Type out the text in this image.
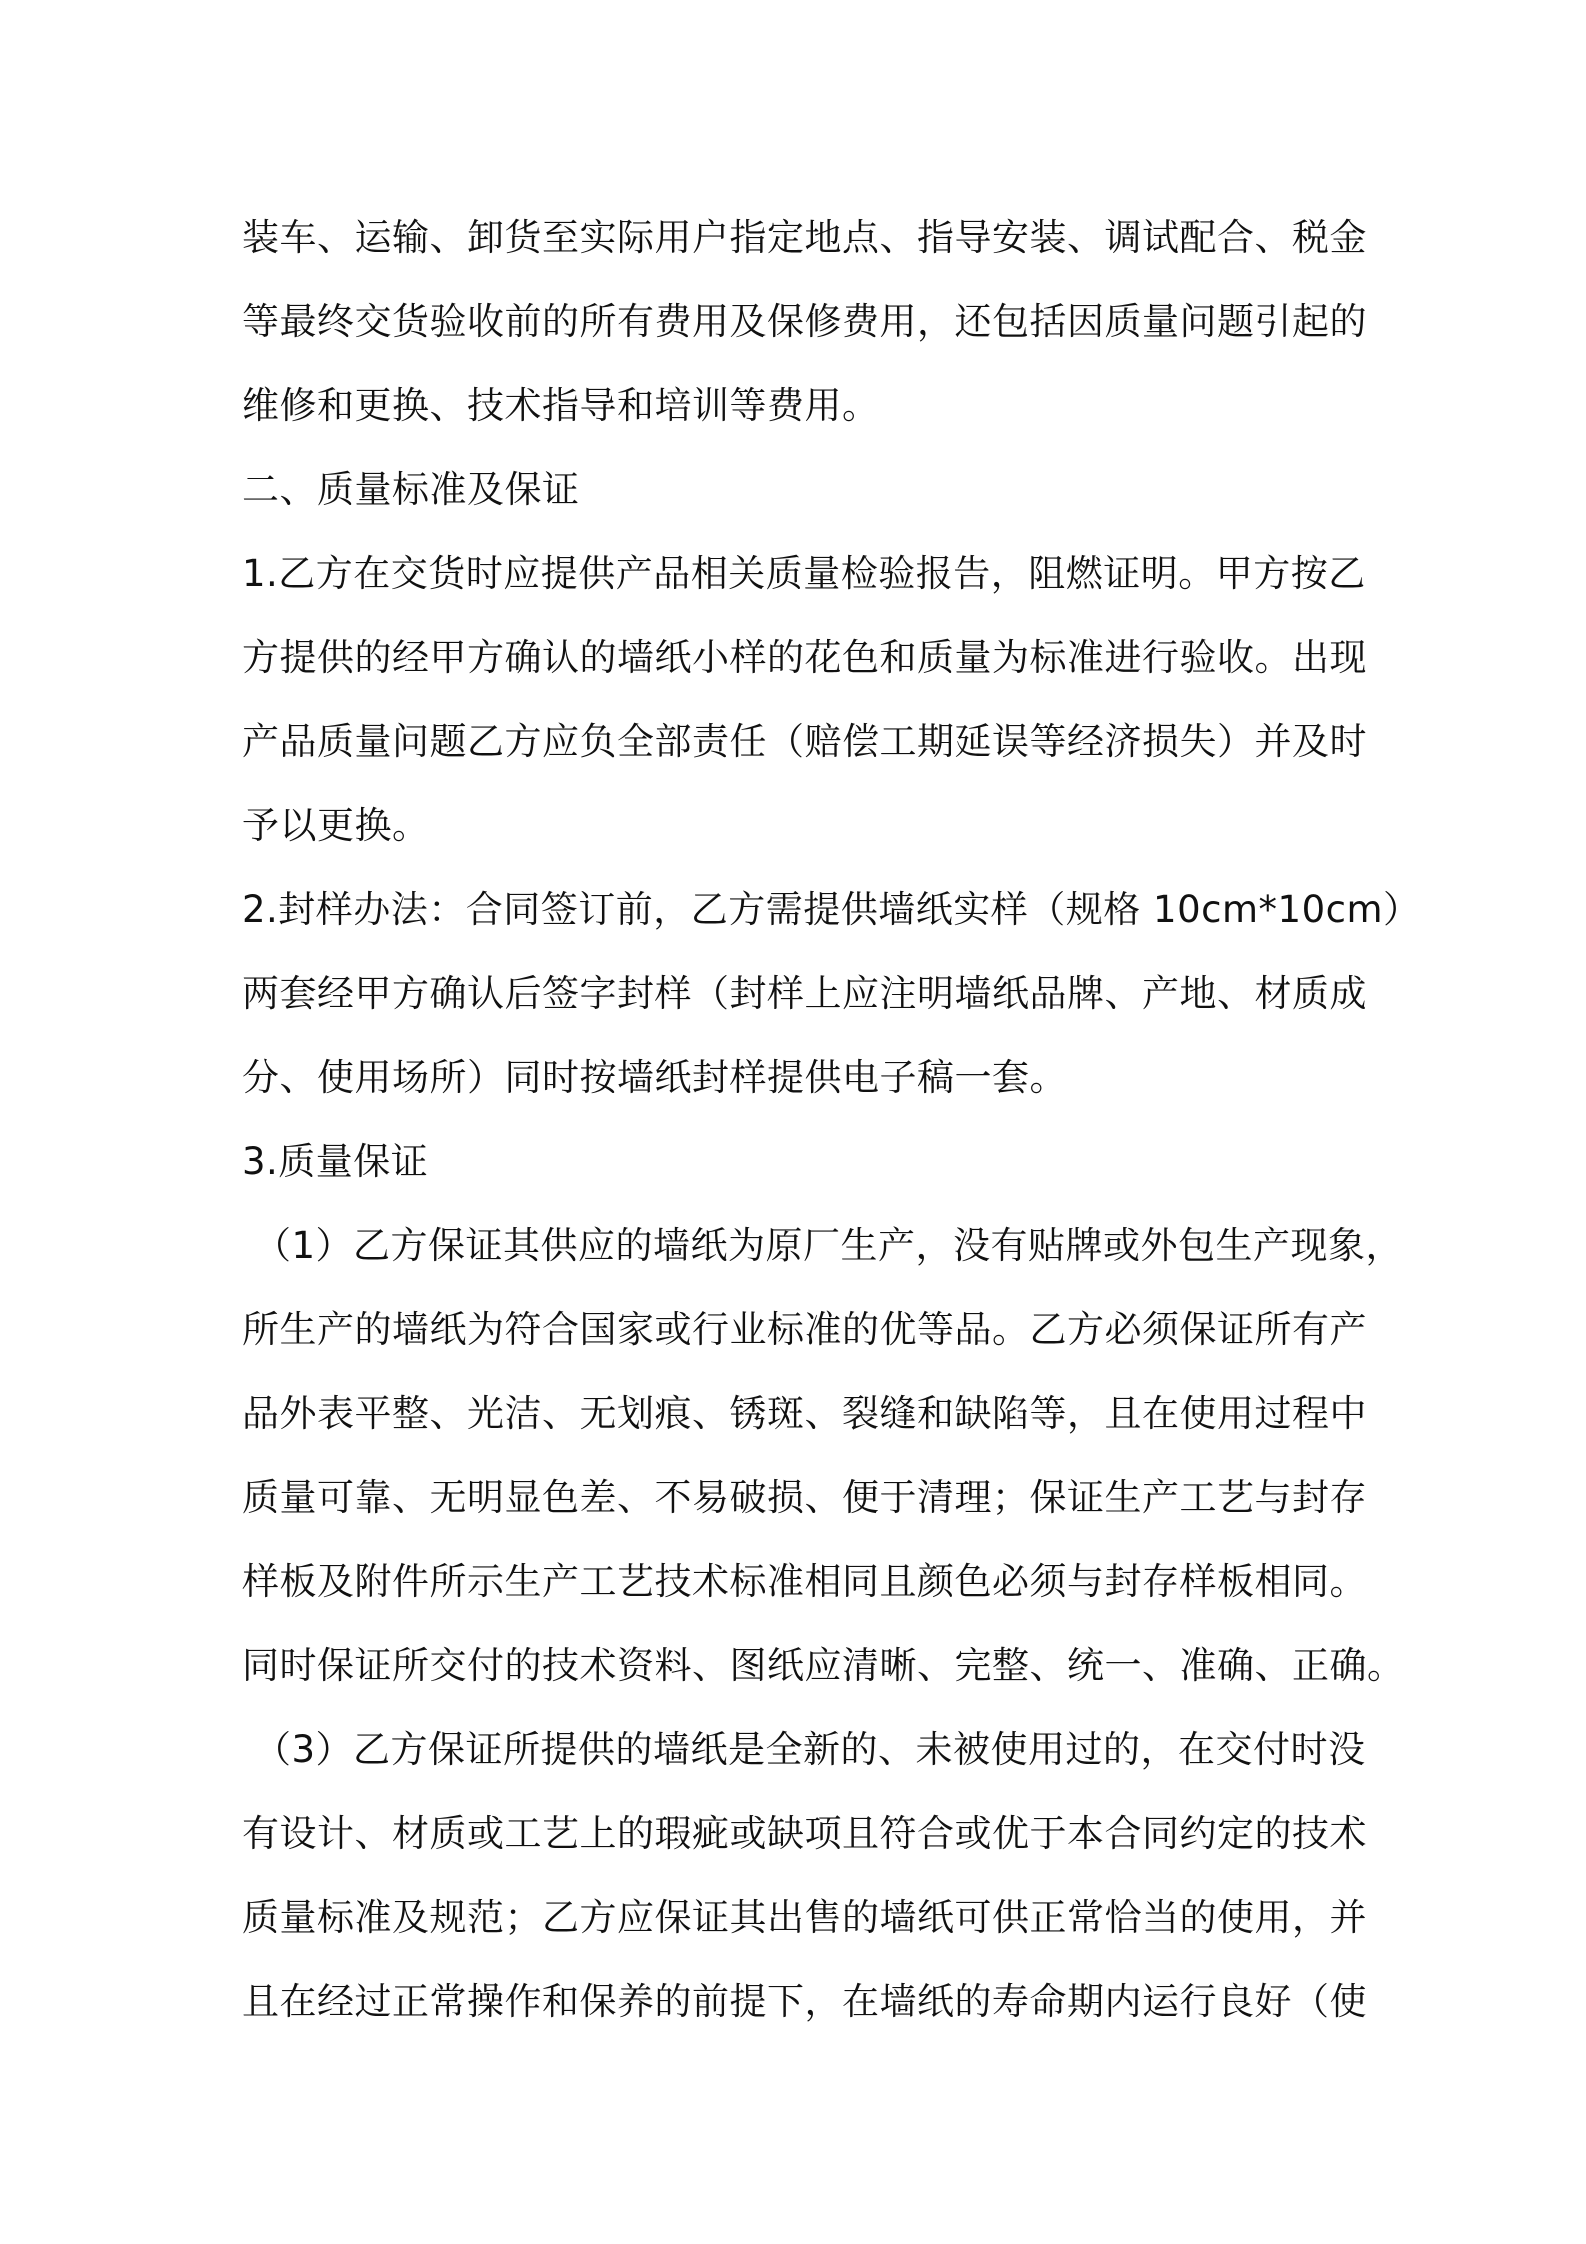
装车、运输、卸货至实际用户指定地点、指导安装、调试配合、税金
等最终交货验收前的所有费用及保修费用，还包括因质量问题引起的
维修和更换、技术指导和培训等费用。
二、质量标准及保证
1.乙方在交货时应提供产品相关质量检验报告，阻燃证明。甲方按乙
方提供的经甲方确认的墙纸小样的花色和质量为标准进行验收。出现
产品质量问题乙方应负全部责任（赔偿工期延误等经济损失）并及时
予以更换。
2.封样办法：合同签订前，乙方需提供墙纸实样（规格 10cm*10cm）
两套经甲方确认后签字封样（封样上应注明墙纸品牌、产地、材质成
分、使用场所）同时按墙纸封样提供电子稿一套。
3.质量保证
（1）乙方保证其供应的墙纸为原厂生产，没有贴牌或外包生产现象，
所生产的墙纸为符合国家或行业标准的优等品。乙方必须保证所有产
品外表平整、光洁、无划痕、锈斑、裂缝和缺陷等，且在使用过程中
质量可靠、无明显色差、不易破损、便于清理；保证生产工艺与封存
样板及附件所示生产工艺技术标准相同且颜色必须与封存样板相同。
同时保证所交付的技术资料、图纸应清晰、完整、统一、准确、正确。
（3）乙方保证所提供的墙纸是全新的、未被使用过的，在交付时没
有设计、材质或工艺上的瑕疵或缺项且符合或优于本合同约定的技术
质量标准及规范；乙方应保证其出售的墙纸可供正常恰当的使用，并
且在经过正常操作和保养的前提下，在墙纸的寿命期内运行良好（使
